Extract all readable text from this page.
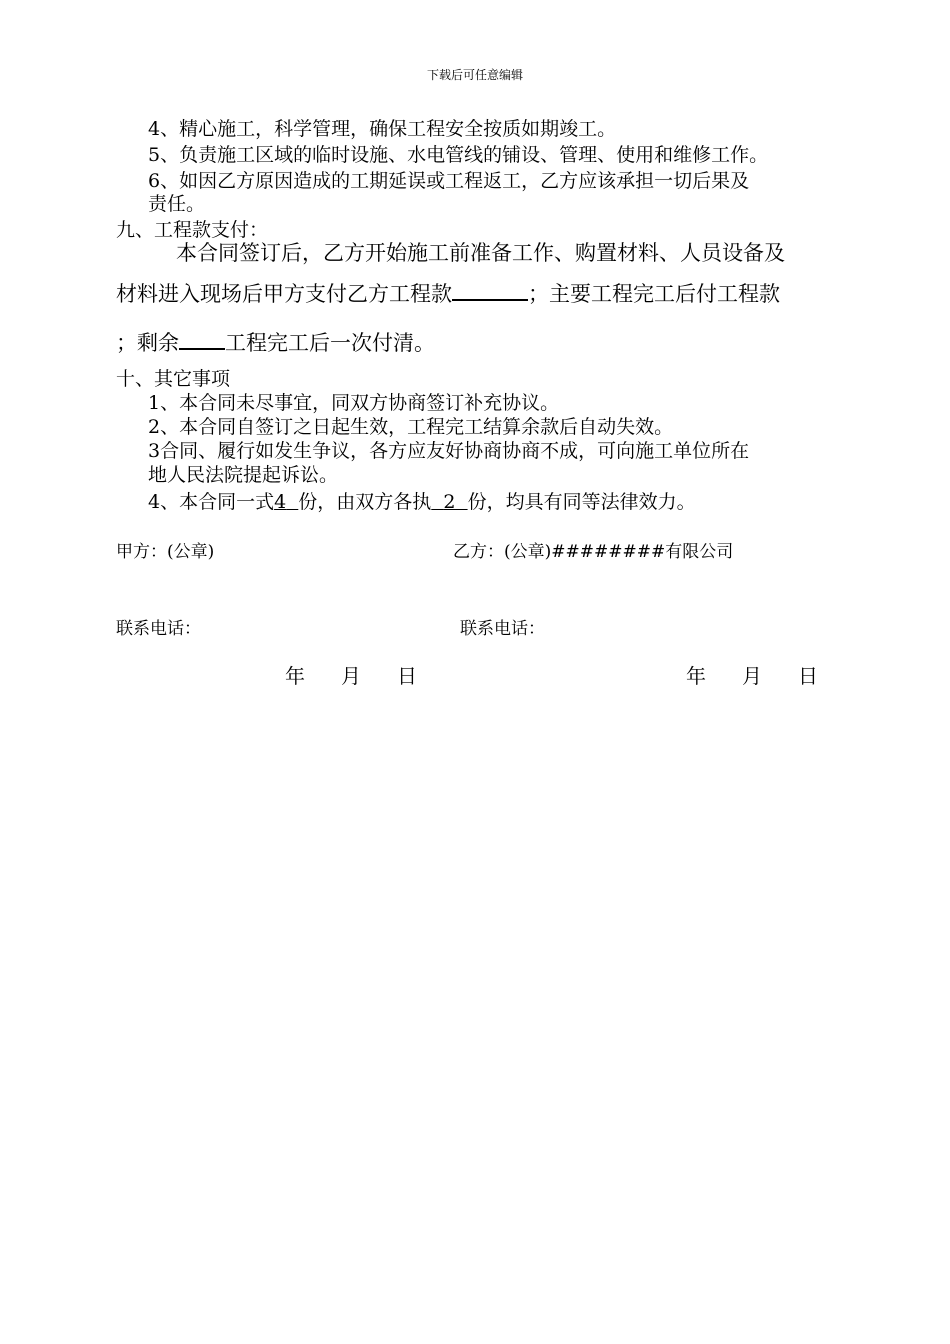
下载后可任意编辑
4、精心施工，科学管理，确保工程安全按质如期竣工。
5、负责施工区域的临时设施、水电管线的铺设、管理、使用和维修工作。
6、如因乙方原因造成的工期延误或工程返工，乙方应该承担一切后果及
责任。
九、工程款支付：
本合同签订后，乙方开始施工前准备工作、购置材料、人员设备及
材料进入现场后甲方支付乙方工程款	；主要工程完工后付工程款
；剩余 工程完工后一次付清。
十、其它事项
1、本合同未尽事宜，同双方协商签订补充协议。
2、本合同自签订之日起生效，工程完工结算余款后自动失效。
3合同、履行如发生争议，各方应友好协商协商不成，可向施工单位所在
地人民法院提起诉讼。
4、本合同一式4 份，由双方各执 2 份，均具有同等法律效力。
甲方：(公章)	乙方：(公章)########有限公司
联系电话：	联系电话：
年 月 日	年 月 日
